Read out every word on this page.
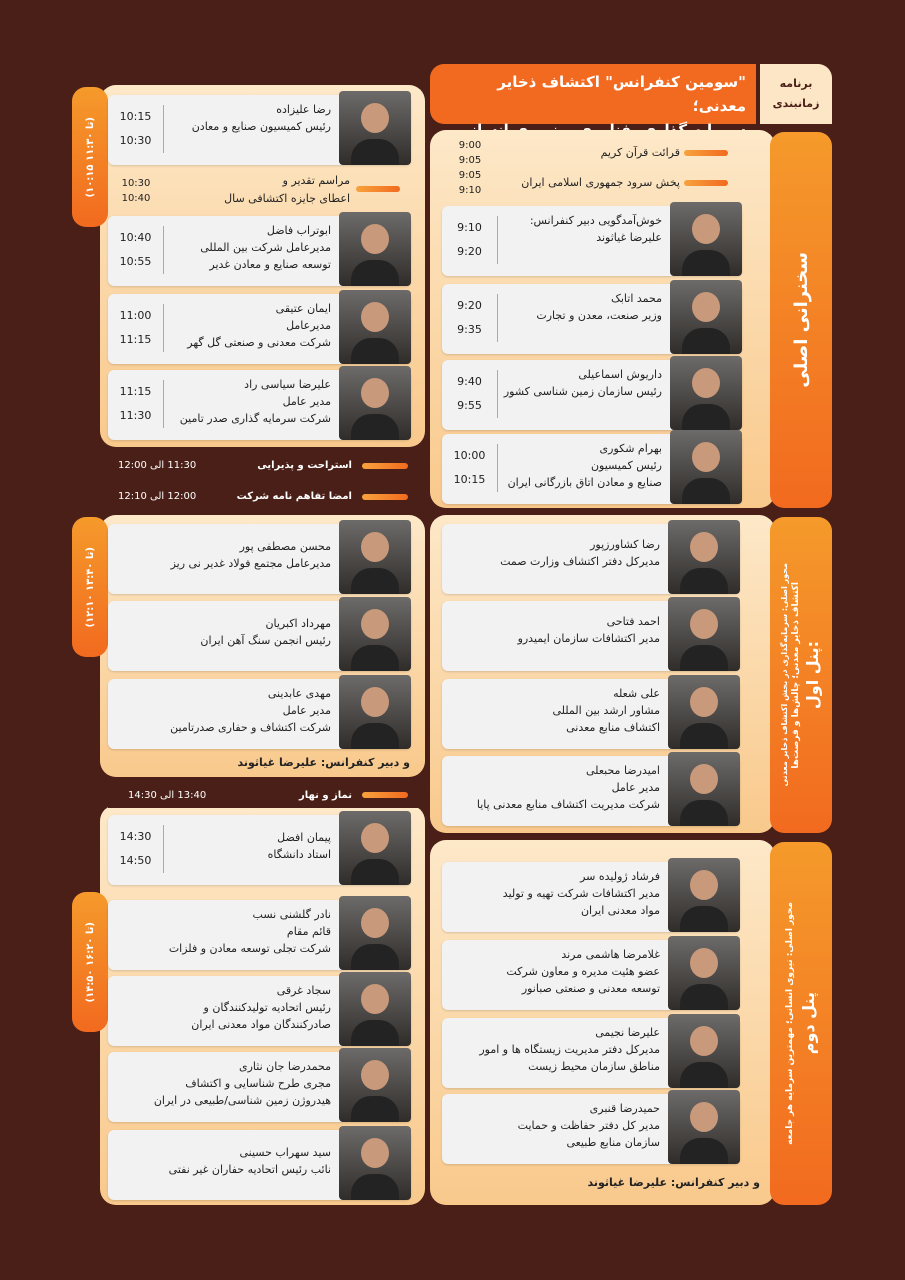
"سومین کنفرانس" اکتشاف ذخایر معدنی؛
برنامه
زمانبندی
سخنرانی اصلی
محور اصلی: سرمایه‌گذاری در بخش اکتشاف ذخایر معدنی اکتشاف ذخایر معدنی؛ چالش‌ها و فرصت‌ها پنل اول:
محور اصلی: نیروی انسانی؛ مهمترین سرمایه هر جامعه پنل دوم
(۱۰:۱۵ تا ۱۱:۳۰)
(۱۲:۱۰ تا ۱۳:۴۰)
(۱۴:۵۰ تا ۱۶:۲۰)
قرائت قرآن کریم
9:00
9:05
پخش سرود جمهوری اسلامی ایران
9:05
9:10
خوش‌آمدگویی دبیر کنفرانس:
علیرضا غیاثوند
9:10
9:20
محمد اتابک
وزیر صنعت، معدن و تجارت
9:20
9:35
داریوش اسماعیلی
رئیس سازمان زمین شناسی کشور
9:40
9:55
بهرام شکوری
رئیس کمیسیون
صنایع و معادن اتاق بازرگانی ایران
10:00
10:15
رضا کشاورزپور
مدیرکل دفتر اکتشاف وزارت صمت
احمد فتاحی
مدیر اکتشافات سازمان ایمیدرو
علی شعله
مشاور ارشد بین المللی
اکتشاف منابع معدنی
امیدرضا محبعلی
مدیر عامل
شرکت مدیریت اکتشاف منابع معدنی پایا
فرشاد ژولیده سر
مدیر اکتشافات شرکت تهیه و تولید
مواد معدنی ایران
غلامرضا هاشمی مرند
عضو هئیت مدیره و معاون شرکت
توسعه معدنی و صنعتی صبانور
علیرضا نجیمی
مدیرکل دفتر مدیریت زیستگاه ها و امور
مناطق سازمان محیط زیست
حمیدرضا قنبری
مدیر کل دفتر حفاظت و حمایت
سازمان منابع طبیعی
و دبیر کنفرانس: علیرضا غیاثوند
رضا علیزاده
رئیس کمیسیون صنایع و معادن
10:15
10:30
مراسم تقدیر و
اعطای جایزه اکتشافی سال
10:30
10:40
ابوتراب فاضل
مدیرعامل شرکت بین المللی
توسعه صنایع و معادن غدیر
10:40
10:55
ایمان عتیقی
مدیرعامل
شرکت معدنی و صنعتی گل گهر
11:00
11:15
علیرضا سیاسی راد
مدیر عامل
شرکت سرمایه گذاری صدر تامین
11:15
11:30
استراحت و پذیرایی
11:30 الی 12:00
امضا تفاهم نامه شرکت
12:00 الی 12:10
محسن مصطفی پور
مدیرعامل مجتمع فولاد غدیر نی ریز
مهرداد اکبریان
رئیس انجمن سنگ آهن ایران
مهدی عابدینی
مدیر عامل
شرکت اکتشاف و حفاری صدرتامین
و دبیر کنفرانس: علیرضا غیاثوند
نماز و نهار
13:40 الی 14:30
پیمان افضل
استاد دانشگاه
14:30
14:50
نادر گلشنی نسب
قائم مقام
شرکت تجلی توسعه معادن و فلزات
سجاد غرقی
رئیس اتحادیه تولیدکنندگان و
صادرکنندگان مواد معدنی ایران
محمدرضا جان نثاری
مجری طرح شناسایی و اکتشاف
هیدروژن زمین شناسی/طبیعی در ایران
سید سهراب حسینی
نائب رئیس اتحادیه حفاران غیر نفتی
